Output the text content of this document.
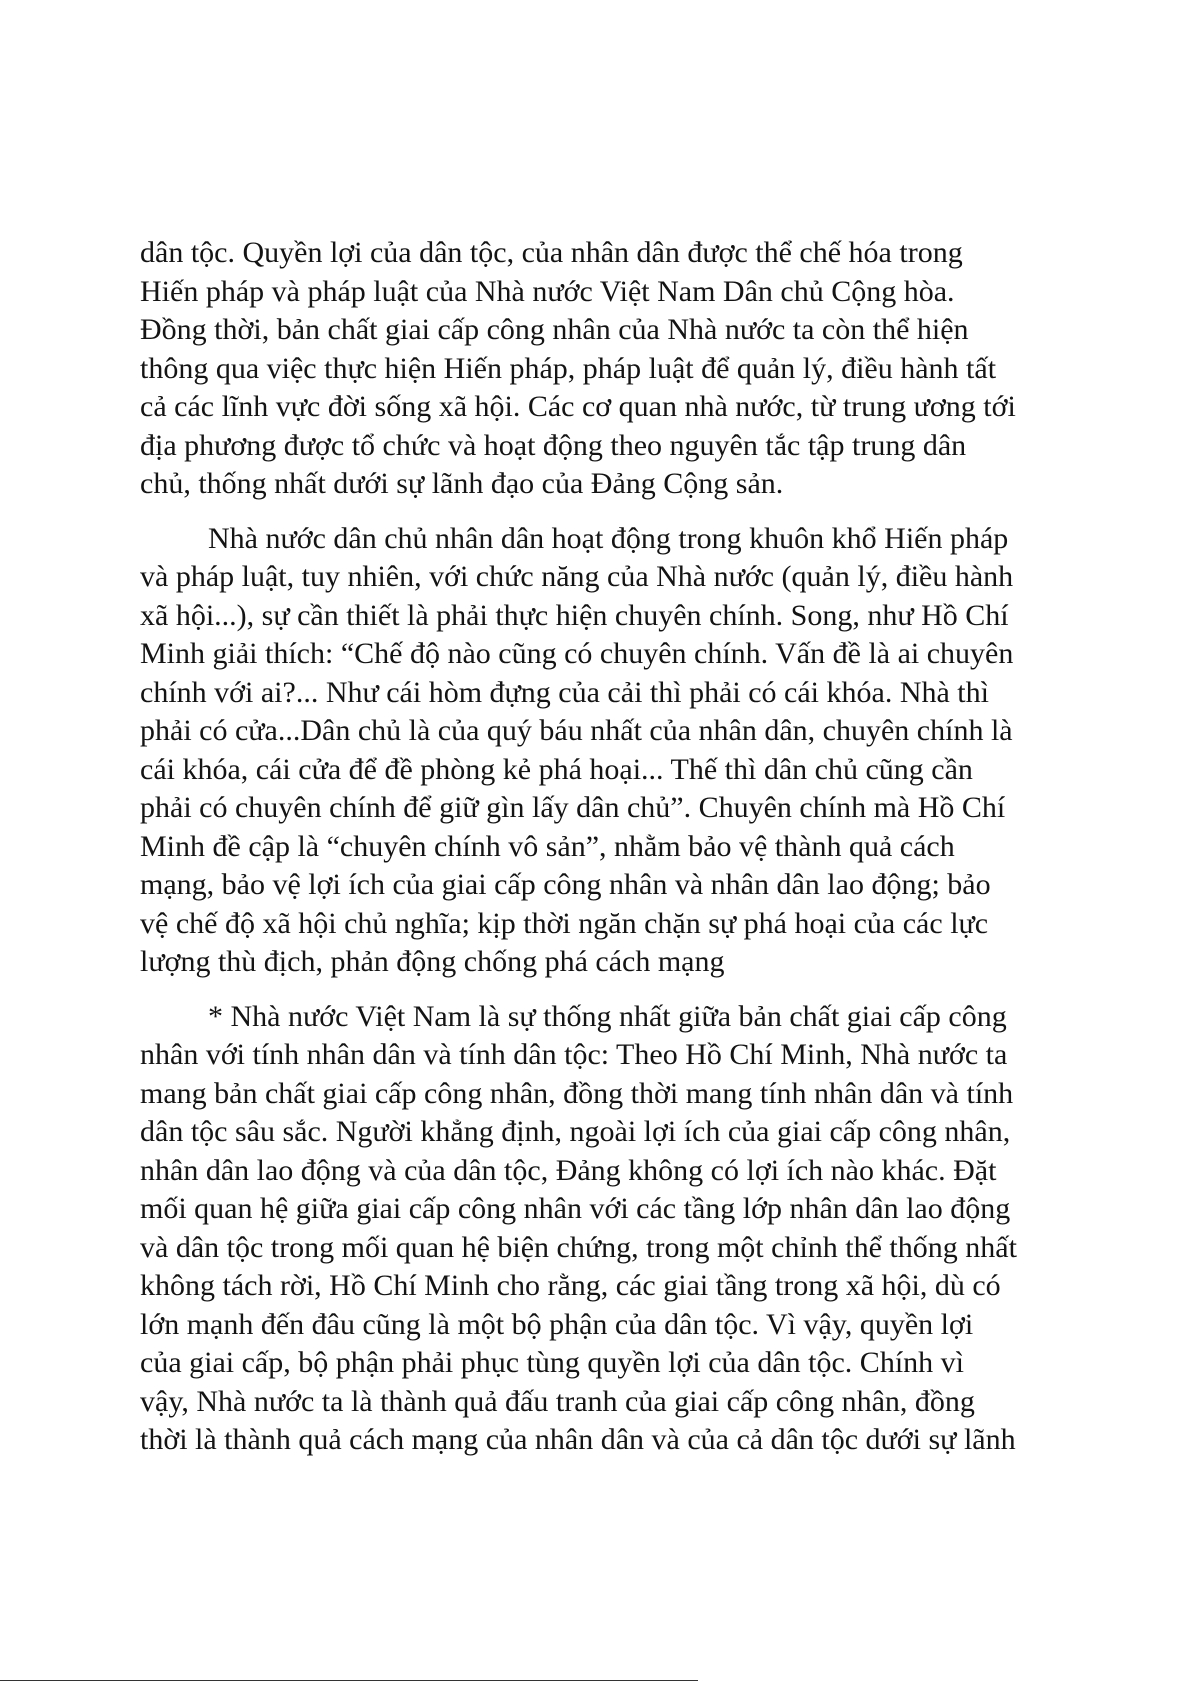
dân tộc. Quyền lợi của dân tộc, của nhân dân được thể chế hóa trong
Hiến pháp và pháp luật của Nhà nước Việt Nam Dân chủ Cộng hòa.
Đồng thời, bản chất giai cấp công nhân của Nhà nước ta còn thể hiện
thông qua việc thực hiện Hiến pháp, pháp luật để quản lý, điều hành tất
cả các lĩnh vực đời sống xã hội. Các cơ quan nhà nước, từ trung ương tới
địa phương được tổ chức và hoạt động theo nguyên tắc tập trung dân
chủ, thống nhất dưới sự lãnh đạo của Đảng Cộng sản.
Nhà nước dân chủ nhân dân hoạt động trong khuôn khổ Hiến pháp
và pháp luật, tuy nhiên, với chức năng của Nhà nước (quản lý, điều hành
xã hội...), sự cần thiết là phải thực hiện chuyên chính. Song, như Hồ Chí
Minh giải thích: “Chế độ nào cũng có chuyên chính. Vấn đề là ai chuyên
chính với ai?... Như cái hòm đựng của cải thì phải có cái khóa. Nhà thì
phải có cửa...Dân chủ là của quý báu nhất của nhân dân, chuyên chính là
cái khóa, cái cửa để đề phòng kẻ phá hoại... Thế thì dân chủ cũng cần
phải có chuyên chính để giữ gìn lấy dân chủ”. Chuyên chính mà Hồ Chí
Minh đề cập là “chuyên chính vô sản”, nhằm bảo vệ thành quả cách
mạng, bảo vệ lợi ích của giai cấp công nhân và nhân dân lao động; bảo
vệ chế độ xã hội chủ nghĩa; kịp thời ngăn chặn sự phá hoại của các lực
lượng thù địch, phản động chống phá cách mạng
* Nhà nước Việt Nam là sự thống nhất giữa bản chất giai cấp công
nhân với tính nhân dân và tính dân tộc: Theo Hồ Chí Minh, Nhà nước ta
mang bản chất giai cấp công nhân, đồng thời mang tính nhân dân và tính
dân tộc sâu sắc. Người khẳng định, ngoài lợi ích của giai cấp công nhân,
nhân dân lao động và của dân tộc, Đảng không có lợi ích nào khác. Đặt
mối quan hệ giữa giai cấp công nhân với các tầng lớp nhân dân lao động
và dân tộc trong mối quan hệ biện chứng, trong một chỉnh thể thống nhất
không tách rời, Hồ Chí Minh cho rằng, các giai tầng trong xã hội, dù có
lớn mạnh đến đâu cũng là một bộ phận của dân tộc. Vì vậy, quyền lợi
của giai cấp, bộ phận phải phục tùng quyền lợi của dân tộc. Chính vì
vậy, Nhà nước ta là thành quả đấu tranh của giai cấp công nhân, đồng
thời là thành quả cách mạng của nhân dân và của cả dân tộc dưới sự lãnh
